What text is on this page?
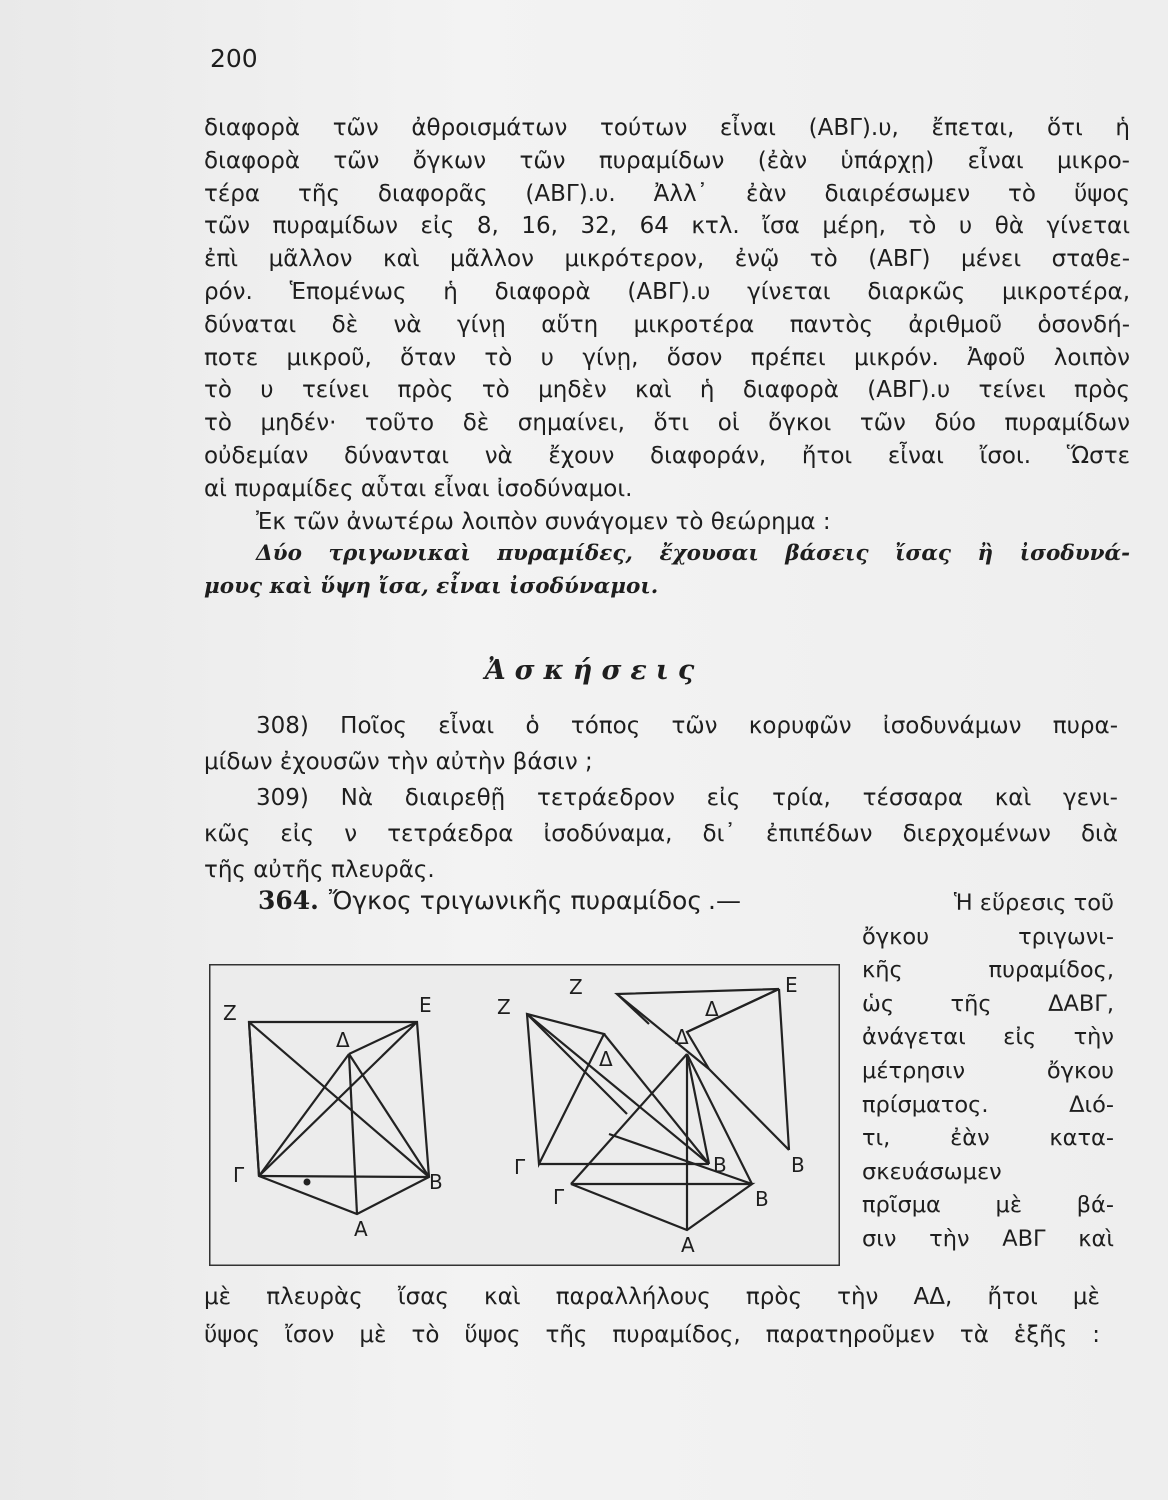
200
διαφορὰ τῶν ἀθροισμάτων τούτων εἶναι (ΑΒΓ).υ, ἔπεται, ὅτι ἡ
διαφορὰ τῶν ὄγκων τῶν πυραμίδων (ἐὰν ὑπάρχῃ) εἶναι μικρο-
τέρα τῆς διαφορᾶς (ΑΒΓ).υ. Ἀλλ᾽ ἐὰν διαιρέσωμεν τὸ ὕψος
τῶν πυραμίδων εἰς 8, 16, 32, 64 κτλ. ἴσα μέρη, τὸ υ θὰ γίνεται
ἐπὶ μᾶλλον καὶ μᾶλλον μικρότερον, ἐνῷ τὸ (ΑΒΓ) μένει σταθε-
ρόν. Ἑπομένως ἡ διαφορὰ (ΑΒΓ).υ γίνεται διαρκῶς μικροτέρα,
δύναται δὲ νὰ γίνῃ αὕτη μικροτέρα παντὸς ἀριθμοῦ ὁσονδή-
ποτε μικροῦ, ὅταν τὸ υ γίνῃ, ὅσον πρέπει μικρόν. Ἀφοῦ λοιπὸν
τὸ υ τείνει πρὸς τὸ μηδὲν καὶ ἡ διαφορὰ (ΑΒΓ).υ τείνει πρὸς
τὸ μηδέν· τοῦτο δὲ σημαίνει, ὅτι οἱ ὄγκοι τῶν δύο πυραμίδων
οὐδεμίαν δύνανται νὰ ἔχουν διαφοράν, ἤτοι εἶναι ἴσοι. Ὥστε
αἱ πυραμίδες αὗται εἶναι ἰσοδύναμοι.
Ἐκ τῶν ἀνωτέρω λοιπὸν συνάγομεν τὸ θεώρημα :
Δύο τριγωνικαὶ πυραμίδες, ἔχουσαι βάσεις ἴσας ἢ ἰσοδυνά-
μους καὶ ὕψη ἴσα, εἶναι ἰσοδύναμοι.
Ἀσκήσεις
308) Ποῖος εἶναι ὁ τόπος τῶν κορυφῶν ἰσοδυνάμων πυρα-
μίδων ἐχουσῶν τὴν αὐτὴν βάσιν ;
309) Νὰ διαιρεθῇ τετράεδρον εἰς τρία, τέσσαρα καὶ γενι-
κῶς εἰς ν τετράεδρα ἰσοδύναμα, δι᾽ ἐπιπέδων διερχομένων διὰ
τῆς αὐτῆς πλευρᾶς.
364. Ὄγκος τριγωνικῆς πυραμίδος .—	Ἡ εὕρεσις τοῦ
ὄγκου τριγωνι-
κῆς πυραμίδος,
ὡς τῆς ΔΑΒΓ,
ἀνάγεται εἰς τὴν
μέτρησιν ὄγκου
πρίσματος. Διό-
τι, ἐὰν κατα-
σκευάσωμεν
πρῖσμα μὲ βά-
σιν τὴν ΑΒΓ καὶ
Z	E
Δ
Γ	B
A
Z
Z	E
Δ
Δ
Δ
Γ
Γ
B	B
B
A
μὲ πλευρὰς ἴσας καὶ παραλλήλους πρὸς τὴν ΑΔ, ἤτοι μὲ
ὕψος ἴσον μὲ τὸ ὕψος τῆς πυραμίδος, παρατηροῦμεν τὰ ἑξῆς :
